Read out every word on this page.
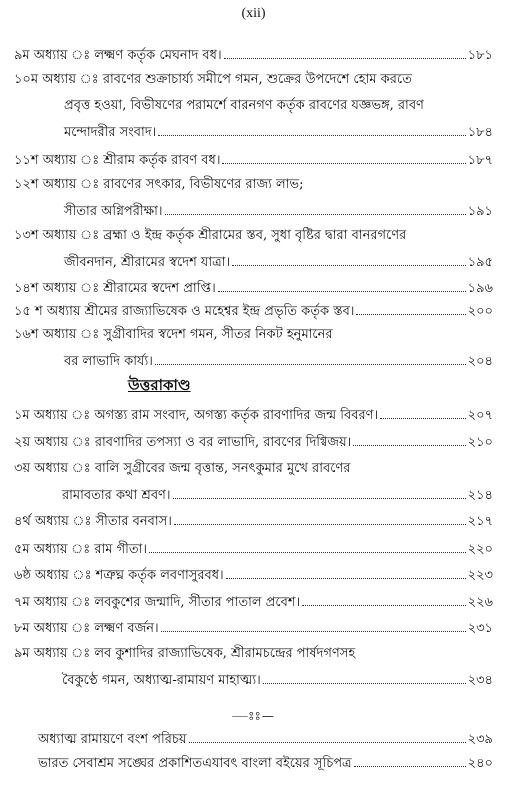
(xii)
৯ম অধ্যায় ঃ লক্ষ্মণ কর্তৃক মেঘনাদ বধ।	১৮১
১০ম অধ্যায় ঃ রাবণের শুক্রাচার্য্য সমীপে গমন, শুক্রের উপদেশে হোম করতে
প্রবৃত্ত হওয়া, বিভীষণের পরামর্শে বারনগণ কর্তৃক রাবণের যজ্ঞভঙ্গ, রাবণ
মন্দোদরীর সংবাদ।	১৮৪
১১শ অধ্যায় ঃ শ্রীরাম কর্তৃক রাবণ বধ।	১৮৭
১২শ অধ্যায় ঃ রাবণের সৎকার, বিভীষণের রাজ্য লাভ;
সীতার অগ্নিপরীক্ষা।	১৯১
১৩শ অধ্যায় ঃ ব্রহ্মা ও ইন্দ্র কর্তৃক শ্রীরামের স্তব, সুধা বৃষ্টির দ্বারা বানরগণের
জীবনদান, শ্রীরামের স্বদেশ যাত্রা।	১৯৫
১৪শ অধ্যায় ঃ শ্রীরামের স্বদেশ প্রাপ্তি।	১৯৬
১৫ শ অধ্যায় শ্রীমের রাজ্যাভিষেক ও মহেশ্বর ইন্দ্র প্রভৃতি কর্তৃক স্তব।	২০০
১৬শ অধ্যায় ঃ সুগ্রীবাদির স্বদেশ গমন, সীতর নিকট হনুমানের
বর লাভাদি কার্য্য।	২০৪
১ম অধ্যায় ঃ অগস্ত্য রাম সংবাদ, অগস্ত্য কর্তৃক রাবণাদির জন্ম বিবরণ।	২০৭
২য় অধ্যায় ঃ রাবণাদির তপস্যা ও বর লাভাদি, রাবণের দিগ্বিজয়।	২১০
৩য় অধ্যায় ঃ বালি সুগ্রীবের জন্ম বৃত্তান্ত, সনৎকুমার মুখে রাবণের
রামাবতার কথা শ্রবণ।	২১৪
৪র্থ অধ্যায় ঃ সীতার বনবাস।	২১৭
৫ম অধ্যায় ঃ রাম গীতা।	২২০
৬ষ্ঠ অধ্যায় ঃ শত্রুঘ্ন কর্তৃক লবণাসুরবধ।	২২৩
৭ম অধ্যায় ঃ লবকুশের জন্মাদি, সীতার পাতাল প্রবেশ।	২২৬
৮ম অধ্যায় ঃ লক্ষ্মণ বর্জন।	২৩১
৯ম অধ্যায় ঃ লব কুশাদির রাজ্যাভিষেক, শ্রীরামচন্দ্রের পার্ষদগণসহ
বৈকুণ্ঠে গমন, অধ্যাত্ম-রামায়ণ মাহাত্ম্য।	২৩৪
অধ্যাত্ম রামায়ণে বংশ পরিচয়	২৩৯
ভারত সেবাশ্রম সঙ্ঘের প্রকাশিতএযাবৎ বাংলা বইয়ের সূচিপত্র	২৪০
উত্তরাকাণ্ড
—ঃঃ—
